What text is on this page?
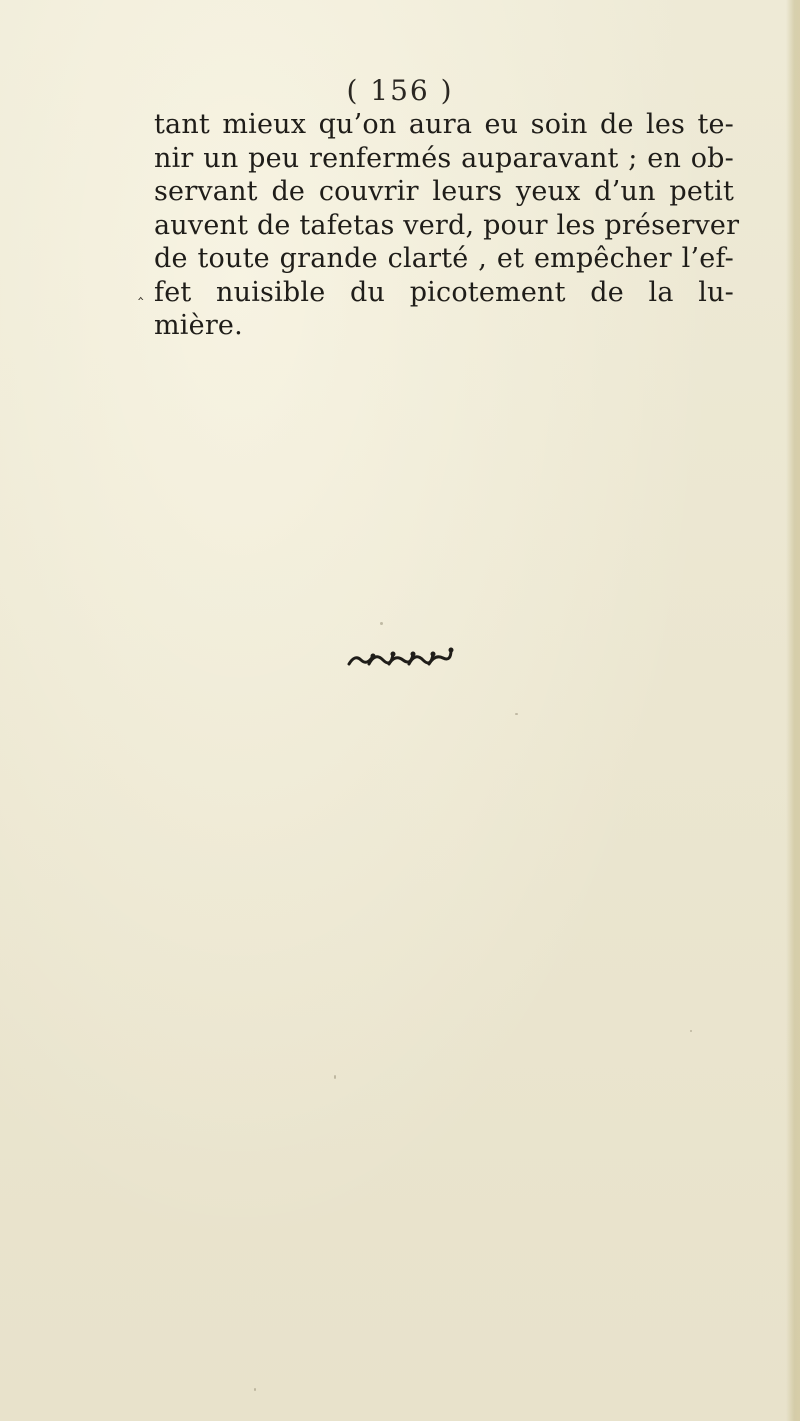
( 156 )
tant mieux qu’on aura eu soin de les te-
nir un peu renfermés auparavant ; en ob-
servant de couvrir leurs yeux d’un petit
auvent de tafetas verd, pour les préserver
de toute grande clarté , et empêcher l’ef-
fet nuisible du picotement de la lu-
mière.
‸
